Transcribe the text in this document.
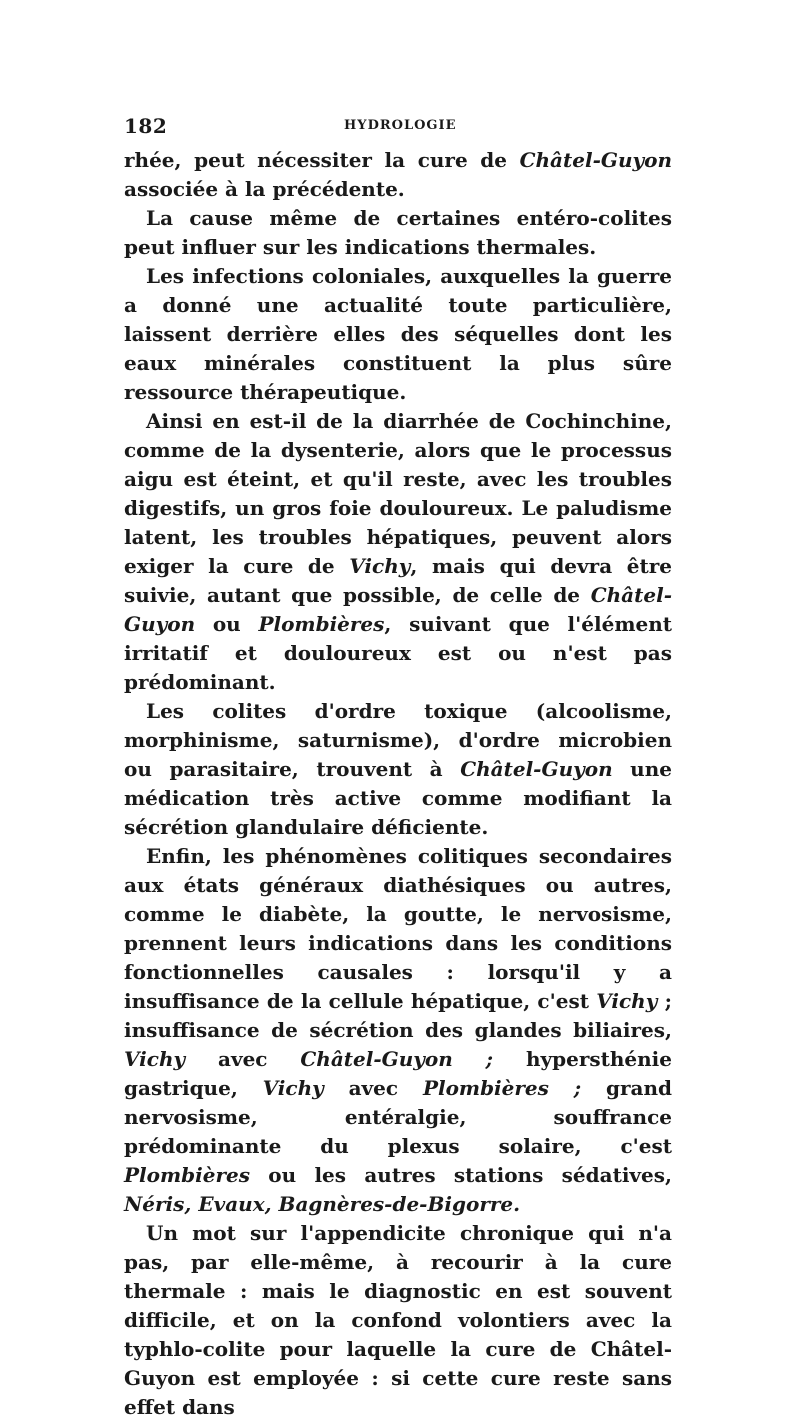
182	HYDROLOGIE

rhée, peut nécessiter la cure de Châtel-Guyon associée à la précédente.

La cause même de certaines entéro-colites peut influer sur les indications thermales.

Les infections coloniales, auxquelles la guerre a donné une actualité toute particulière, laissent derrière elles des séquelles dont les eaux minérales constituent la plus sûre ressource thérapeutique.

Ainsi en est-il de la diarrhée de Cochinchine, comme de la dysenterie, alors que le processus aigu est éteint, et qu'il reste, avec les troubles digestifs, un gros foie douloureux. Le paludisme latent, les troubles hépatiques, peuvent alors exiger la cure de Vichy, mais qui devra être suivie, autant que possible, de celle de Châtel-Guyon ou Plombières, suivant que l'élément irritatif et douloureux est ou n'est pas prédominant.

Les colites d'ordre toxique (alcoolisme, morphinisme, saturnisme), d'ordre microbien ou parasitaire, trouvent à Châtel-Guyon une médication très active comme modifiant la sécrétion glandulaire déficiente.

Enfin, les phénomènes colitiques secondaires aux états généraux diathésiques ou autres, comme le diabète, la goutte, le nervosisme, prennent leurs indications dans les conditions fonctionnelles causales : lorsqu'il y a insuffisance de la cellule hépatique, c'est Vichy ; insuffisance de sécrétion des glandes biliaires, Vichy avec Châtel-Guyon ; hypersthénie gastrique, Vichy avec Plombières ; grand nervosisme, entéralgie, souffrance prédominante du plexus solaire, c'est Plombières ou les autres stations sédatives, Néris, Evaux, Bagnères-de-Bigorre.

Un mot sur l'appendicite chronique qui n'a pas, par elle-même, à recourir à la cure thermale : mais le diagnostic en est souvent difficile, et on la confond volontiers avec la typhlo-colite pour laquelle la cure de Châtel-Guyon est employée : si cette cure reste sans effet dans
